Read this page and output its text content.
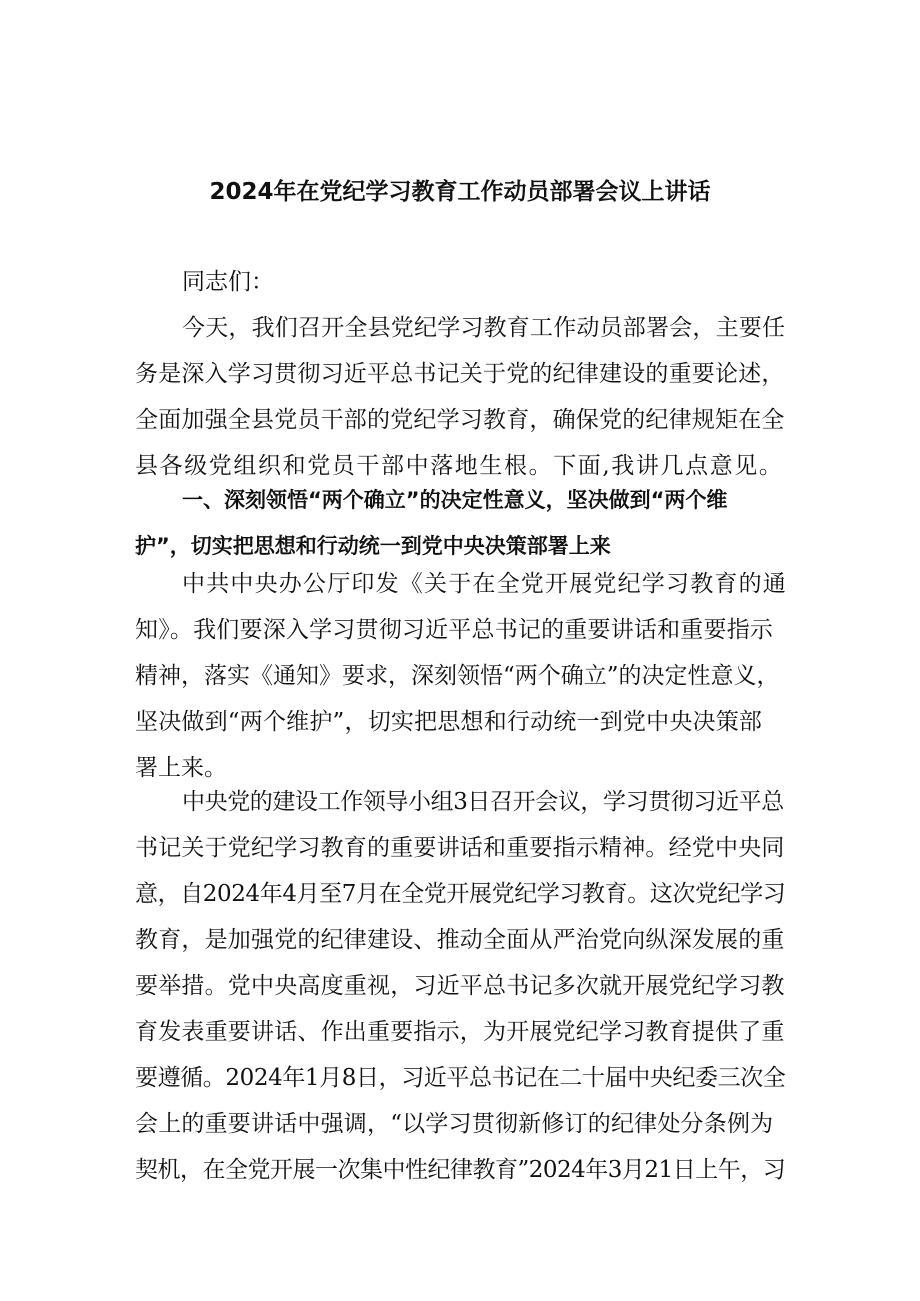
2024年在党纪学习教育工作动员部署会议上讲话
同志们：
今天，我们召开全县党纪学习教育工作动员部署会，主要任
务是深入学习贯彻习近平总书记关于党的纪律建设的重要论述，
全面加强全县党员干部的党纪学习教育，确保党的纪律规矩在全
县各级党组织和党员干部中落地生根。下面,我讲几点意见。
一、深刻领悟“两个确立”的决定性意义，坚决做到“两个维
护”，切实把思想和行动统一到党中央决策部署上来
中共中央办公厅印发《关于在全党开展党纪学习教育的通
知》。我们要深入学习贯彻习近平总书记的重要讲话和重要指示
精神，落实《通知》要求，深刻领悟“两个确立”的决定性意义，
坚决做到“两个维护”，切实把思想和行动统一到党中央决策部
署上来。
中央党的建设工作领导小组3日召开会议，学习贯彻习近平总
书记关于党纪学习教育的重要讲话和重要指示精神。经党中央同
意，自2024年4月至7月在全党开展党纪学习教育。这次党纪学习
教育，是加强党的纪律建设、推动全面从严治党向纵深发展的重
要举措。党中央高度重视，习近平总书记多次就开展党纪学习教
育发表重要讲话、作出重要指示，为开展党纪学习教育提供了重
要遵循。2024年1月8日，习近平总书记在二十届中央纪委三次全
会上的重要讲话中强调，“以学习贯彻新修订的纪律处分条例为
契机，在全党开展一次集中性纪律教育”2024年3月21日上午，习
